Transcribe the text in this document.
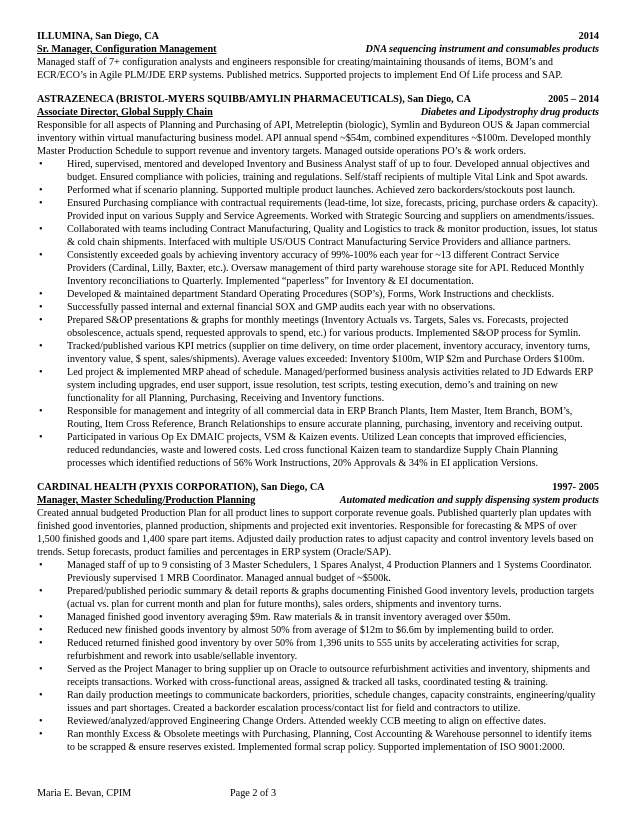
ILLUMINA, San Diego, CA	2014
Sr. Manager, Configuration Management	DNA sequencing instrument and consumables products

Managed staff of 7+ configuration analysts and engineers responsible for creating/maintaining thousands of items, BOM’s and ECR/ECO’s in Agile PLM/JDE ERP systems. Published metrics. Supported projects to implement End Of Life process and SAP.

ASTRAZENECA (BRISTOL-MYERS SQUIBB/AMYLIN PHARMACEUTICALS), San Diego, CA	2005 – 2014
Associate Director, Global Supply Chain	Diabetes and Lipodystrophy drug products

Responsible for all aspects of Planning and Purchasing of API, Metreleptin (biologic), Symlin and Bydureon OUS & Japan commercial inventory within virtual manufacturing business model. API annual spend ~$54m, combined expenditures ~$100m. Developed monthly Master Production Schedule to support revenue and inventory targets. Managed outside operations PO’s & work orders.

• Hired, supervised, mentored and developed Inventory and Business Analyst staff of up to four. Developed annual objectives and budget. Ensured compliance with policies, training and regulations. Self/staff recipients of multiple Vital Link and Spot awards.
• Performed what if scenario planning. Supported multiple product launches. Achieved zero backorders/stockouts post launch.
• Ensured Purchasing compliance with contractual requirements (lead-time, lot size, forecasts, pricing, purchase orders & capacity). Provided input on various Supply and Service Agreements. Worked with Strategic Sourcing and suppliers on amendments/issues.
• Collaborated with teams including Contract Manufacturing, Quality and Logistics to track & monitor production, issues, lot status & cold chain shipments. Interfaced with multiple US/OUS Contract Manufacturing Service Providers and alliance partners.
• Consistently exceeded goals by achieving inventory accuracy of 99%-100% each year for ~13 different Contract Service Providers (Cardinal, Lilly, Baxter, etc.). Oversaw management of third party warehouse storage site for API. Reduced Monthly Inventory reconciliations to Quarterly. Implemented “paperless” for Inventory & EI documentation.
• Developed & maintained department Standard Operating Procedures (SOP’s), Forms, Work Instructions and checklists.
• Successfully passed internal and external financial SOX and GMP audits each year with no observations.
• Prepared S&OP presentations & graphs for monthly meetings (Inventory Actuals vs. Targets, Sales vs. Forecasts, projected obsolescence, actuals spend, requested approvals to spend, etc.) for various products. Implemented S&OP process for Symlin.
• Tracked/published various KPI metrics (supplier on time delivery, on time order placement, inventory accuracy, inventory turns, inventory value, $ spent, sales/shipments). Average values exceeded: Inventory $100m, WIP $2m and Purchase Orders $100m.
• Led project & implemented MRP ahead of schedule. Managed/performed business analysis activities related to JD Edwards ERP system including upgrades, end user support, issue resolution, test scripts, testing execution, demo’s and training on new functionality for all Planning, Purchasing, Receiving and Inventory functions.
• Responsible for management and integrity of all commercial data in ERP Branch Plants, Item Master, Item Branch, BOM’s, Routing, Item Cross Reference, Branch Relationships to ensure accurate planning, purchasing, inventory and receiving output.
• Participated in various Op Ex DMAIC projects, VSM & Kaizen events. Utilized Lean concepts that improved efficiencies, reduced redundancies, waste and lowered costs. Led cross functional Kaizen team to standardize Supply Chain Planning processes which identified reductions of 56% Work Instructions, 20% Approvals & 34% in EI application Versions.
CARDINAL HEALTH (PYXIS CORPORATION), San Diego, CA	1997- 2005
Manager, Master Scheduling/Production Planning	Automated medication and supply dispensing system products

Created annual budgeted Production Plan for all product lines to support corporate revenue goals. Published quarterly plan updates with finished good inventories, planned production, shipments and projected exit inventories. Responsible for forecasting & MPS of over 1,500 finished goods and 1,400 spare part items. Adjusted daily production rates to adjust capacity and control inventory levels based on trends. Setup forecasts, product families and percentages in ERP system (Oracle/SAP).

• Managed staff of up to 9 consisting of 3 Master Schedulers, 1 Spares Analyst, 4 Production Planners and 1 Systems Coordinator. Previously supervised 1 MRB Coordinator. Managed annual budget of ~$500k.
• Prepared/published periodic summary & detail reports & graphs documenting Finished Good inventory levels, production targets (actual vs. plan for current month and plan for future months), sales orders, shipments and inventory turns.
• Managed finished good inventory averaging $9m. Raw materials & in transit inventory averaged over $50m.
• Reduced new finished goods inventory by almost 50% from average of $12m to $6.6m by implementing build to order.
• Reduced returned finished good inventory by over 50% from 1,396 units to 555 units by accelerating activities for scrap, refurbishment and rework into usable/sellable inventory.
• Served as the Project Manager to bring supplier up on Oracle to outsource refurbishment activities and inventory, shipments and receipts transactions. Worked with cross-functional areas, assigned & tracked all tasks, coordinated testing & training.
• Ran daily production meetings to communicate backorders, priorities, schedule changes, capacity constraints, engineering/quality issues and part shortages. Created a backorder escalation process/contact list for field and contractors to utilize.
• Reviewed/analyzed/approved Engineering Change Orders. Attended weekly CCB meeting to align on effective dates.
• Ran monthly Excess & Obsolete meetings with Purchasing, Planning, Cost Accounting & Warehouse personnel to identify items to be scrapped & ensure reserves existed. Implemented formal scrap policy. Supported implementation of ISO 9001:2000.
Maria E. Bevan, CPIM	Page 2 of 3
